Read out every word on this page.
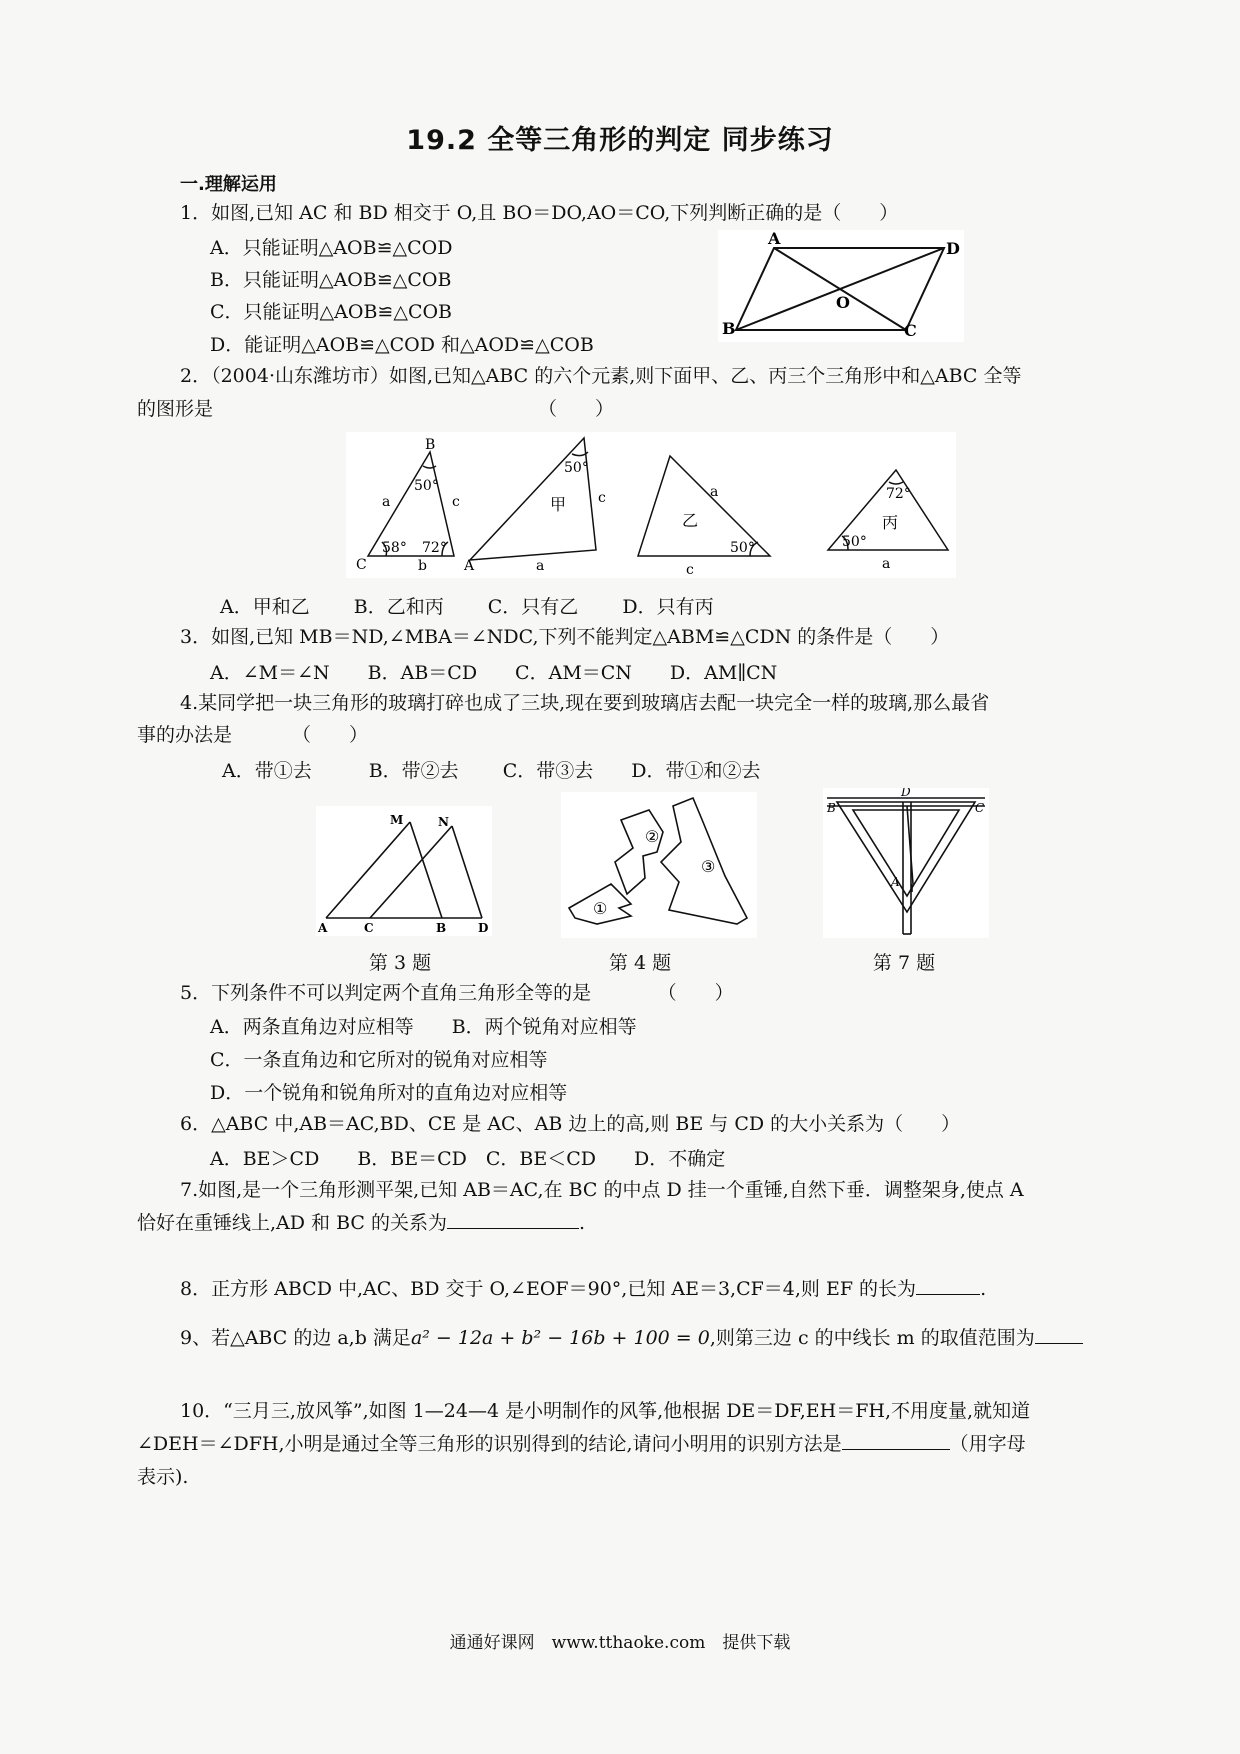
19.2 全等三角形的判定 同步练习
一.理解运用
1．如图,已知 AC 和 BD 相交于 O,且 BO＝DO,AO＝CO,下列判断正确的是（　　）
A．只能证明△AOB≌△COD
B．只能证明△AOB≌△COB
C．只能证明△AOB≌△COB
D．能证明△AOB≌△COD 和△AOD≌△COB
A
D
O
B	C
2．（2004·山东潍坊市）如图,已知△ABC 的六个元素,则下面甲、乙、丙三个三角形中和△ABC 全等
的图形是	（　　）
B
C	A
a	c
b
50°
58° 72°
50°
c
a
甲
a
c
50°
乙
72°
50°
a
丙
A．甲和乙　　 B．乙和丙　　 C．只有乙　　 D．只有丙
3．如图,已知 MB＝ND,∠MBA＝∠NDC,下列不能判定△ABM≌△CDN 的条件是（　　）
A．∠M＝∠N　　B．AB＝CD　　C．AM＝CN　　D．AM∥CN
4.某同学把一块三角形的玻璃打碎也成了三块,现在要到玻璃店去配一块完全一样的玻璃,那么最省
事的办法是	（　　）
A．带①去　　　B．带②去　　 C．带③去　　D．带①和②去
M	N
A	C	B	D
①
②
③
B
D
C
A
第 3 题	第 4 题	第 7 题
5．下列条件不可以判定两个直角三角形全等的是　　　　（　　）
A．两条直角边对应相等　　B．两个锐角对应相等
C．一条直角边和它所对的锐角对应相等
D．一个锐角和锐角所对的直角边对应相等
6．△ABC 中,AB＝AC,BD、CE 是 AC、AB 边上的高,则 BE 与 CD 的大小关系为（　　）
A．BE＞CD　　B．BE＝CD　C．BE＜CD　　D．不确定
7.如图,是一个三角形测平架,已知 AB＝AC,在 BC 的中点 D 挂一个重锤,自然下垂．调整架身,使点 A
恰好在重锤线上,AD 和 BC 的关系为	.
8．正方形 ABCD 中,AC、BD 交于 O,∠EOF＝90°,已知 AE＝3,CF＝4,则 EF 的长为	.
9、若△ABC 的边 a,b 满足a² − 12a + b² − 16b + 100 = 0,则第三边 c 的中线长 m 的取值范围为
10．“三月三,放风筝”,如图 1—24—4 是小明制作的风筝,他根据 DE＝DF,EH＝FH,不用度量,就知道
∠DEH＝∠DFH,小明是通过全等三角形的识别得到的结论,请问小明用的识别方法是	（用字母
表示).
通通好课网　www.tthaoke.com　提供下载
